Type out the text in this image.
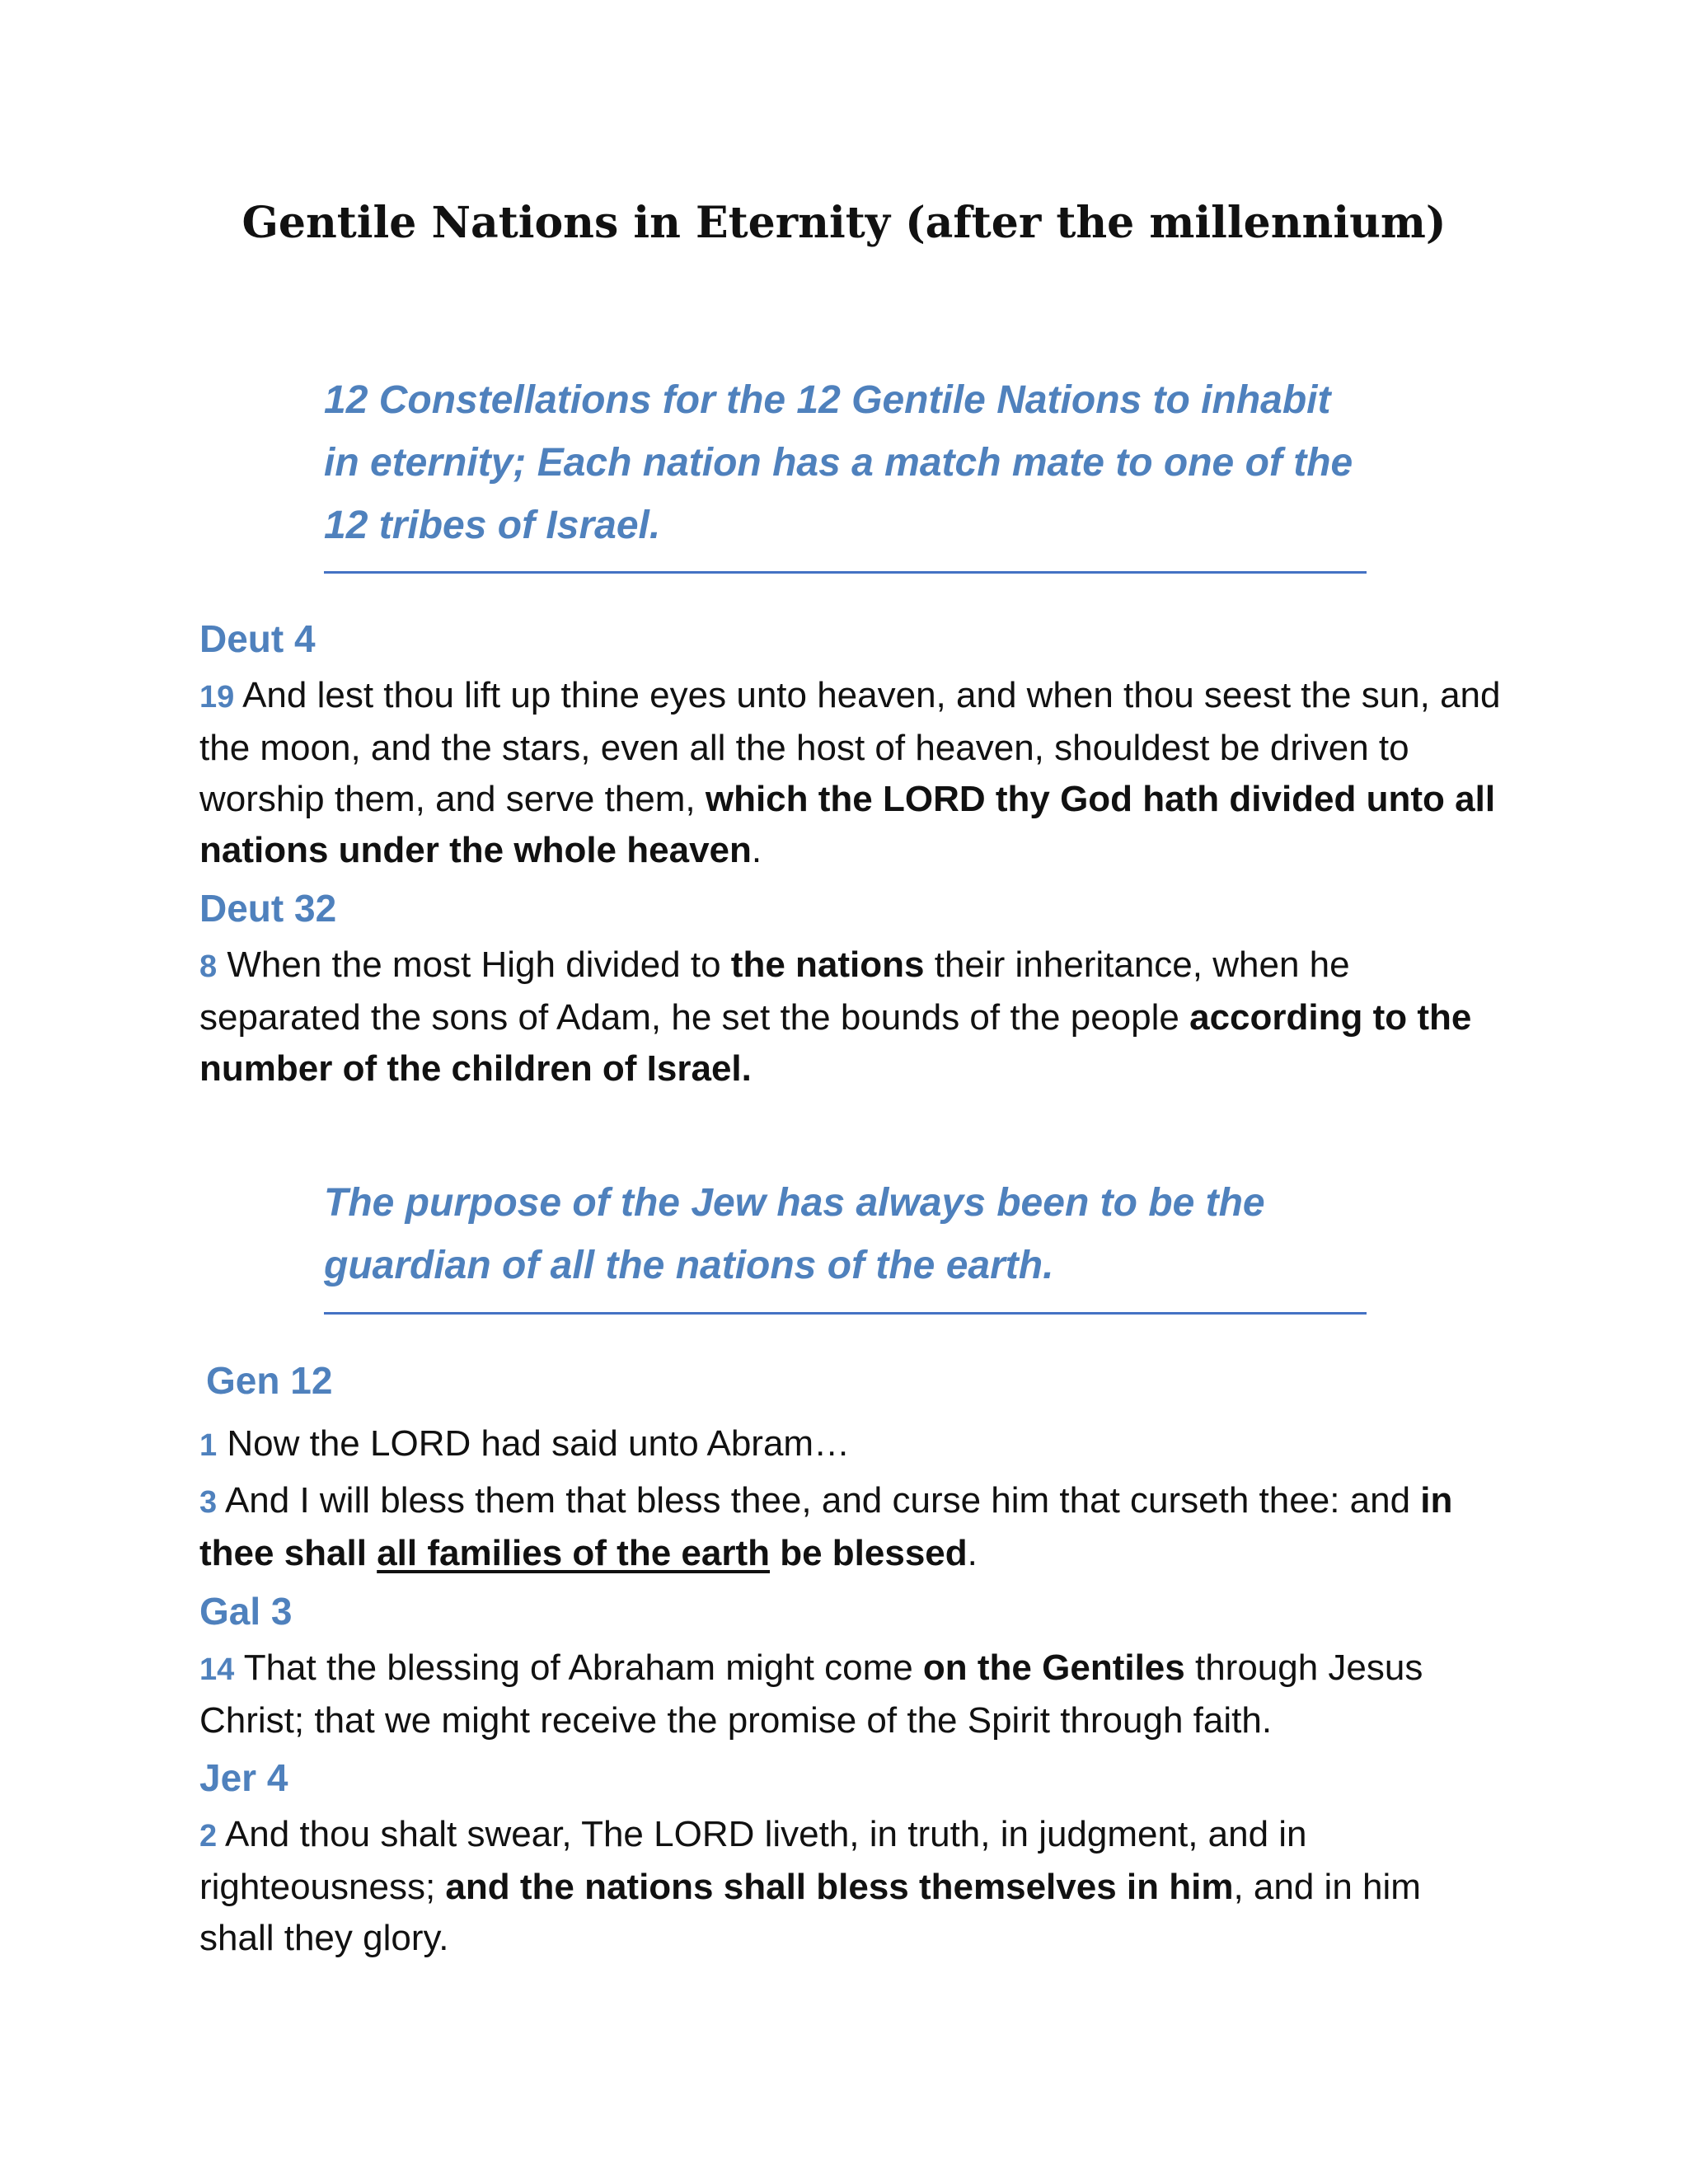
Gentile Nations in Eternity (after the millennium)

12 Constellations for the 12 Gentile Nations to inhabit in eternity; Each nation has a match mate to one of the 12 tribes of Israel.

Deut 4

19 And lest thou lift up thine eyes unto heaven, and when thou seest the sun, and the moon, and the stars, even all the host of heaven, shouldest be driven to worship them, and serve them, which the LORD thy God hath divided unto all nations under the whole heaven.

Deut 32

8 When the most High divided to the nations their inheritance, when he separated the sons of Adam, he set the bounds of the people according to the number of the children of Israel.

The purpose of the Jew has always been to be the guardian of all the nations of the earth.

Gen 12

1 Now the LORD had said unto Abram…

3 And I will bless them that bless thee, and curse him that curseth thee: and in thee shall all families of the earth be blessed.

Gal 3

14 That the blessing of Abraham might come on the Gentiles through Jesus Christ; that we might receive the promise of the Spirit through faith.

Jer 4

2 And thou shalt swear, The LORD liveth, in truth, in judgment, and in righteousness; and the nations shall bless themselves in him, and in him shall they glory.
